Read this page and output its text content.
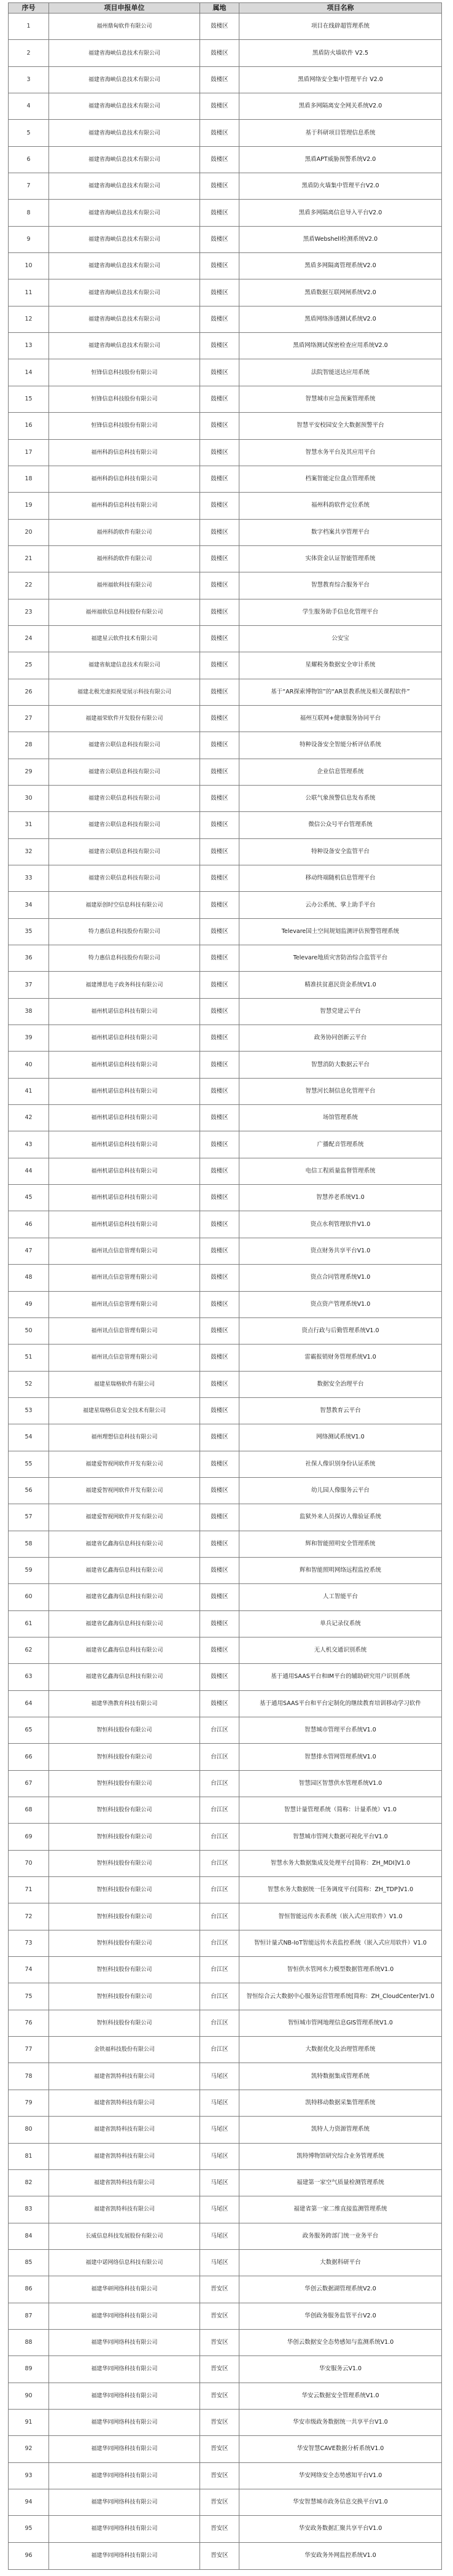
序号	项目申报单位	属地	项目名称
1	福州鼎甸软件有限公司	鼓楼区	项目在线辟超管理系统
2	福建省海峡信息技术有限公司	鼓楼区	黑盾防火墙软件 V2.5
3	福建省海峡信息技术有限公司	鼓楼区	黑盾网络安全集中管理平台 V2.0
4	福建省海峡信息技术有限公司	鼓楼区	黑盾多网隔离安全网关系统V2.0
5	福建省海峡信息技术有限公司	鼓楼区	基于科研项目管理信息系统
6	福建省海峡信息技术有限公司	鼓楼区	黑盾APT威胁预警系统V2.0
7	福建省海峡信息技术有限公司	鼓楼区	黑盾防火墙集中管理平台V2.0
8	福建省海峡信息技术有限公司	鼓楼区	黑盾多网隔离信息导入平台V2.0
9	福建省海峡信息技术有限公司	鼓楼区	黑盾Webshell检测系统V2.0
10	福建省海峡信息技术有限公司	鼓楼区	黑盾多网隔离管理系统V2.0
11	福建省海峡信息技术有限公司	鼓楼区	黑盾数据互联网闸系统V2.0
12	福建省海峡信息技术有限公司	鼓楼区	黑盾网络渗透测试系统V2.0
13	福建省海峡信息技术有限公司	鼓楼区	黑盾网络测试保密检查应用系统V2.0
14	恒锋信息科技股份有限公司	鼓楼区	法院智能送达应用系统
15	恒锋信息科技股份有限公司	鼓楼区	智慧城市应急预案管理系统
16	恒锋信息科技股份有限公司	鼓楼区	智慧平安校园安全大数据预警平台
17	福州科韵信息科技有限公司	鼓楼区	智慧水务平台及其应用平台
18	福州科韵信息科技有限公司	鼓楼区	档案智能定位盘点管理系统
19	福州科韵信息科技有限公司	鼓楼区	福州科韵软件定位系统
20	福州科韵软件有限公司	鼓楼区	数字档案共享管理平台
21	福州科韵软件有限公司	鼓楼区	实体资金认证智能管理系统
22	福州福软科技有限公司	鼓楼区	智慧教育综合服务平台
23	福州福软信息科技股份有限公司	鼓楼区	学生服务助手信息化管理平台
24	福建星云软件技术有限公司	鼓楼区	公安宝
25	福建省航建信息技术有限公司	鼓楼区	星耀税务数据安全审计系统
26	福建北极光虚拟视觉展示科技有限公司	鼓楼区	基于“AR探索博物馆”的“AR景教系统及相关课程软件”
27	福建福荣软件开发股份有限公司	鼓楼区	福州互联网+健康服务协同平台
28	福建省公联信息科技有限公司	鼓楼区	特种设备安全智能分析评估系统
29	福建省公联信息科技有限公司	鼓楼区	企业信息管理系统
30	福建省公联信息科技有限公司	鼓楼区	公联气象预警信息发布系统
31	福建省公联信息科技有限公司	鼓楼区	微信公众号平台管理系统
32	福建省公联信息科技有限公司	鼓楼区	特种设备安全监管平台
33	福建省公联信息科技有限公司	鼓楼区	移动终端随机信息管理平台
34	福建原创时空信息科技有限公司	鼓楼区	云办公系统、掌上助手平台
35	特力惠信息科技股份有限公司	鼓楼区	Televare国土空间规划监测评估预警管理系统
36	特力惠信息科技股份有限公司	鼓楼区	Televare地质灾害防治综合监管平台
37	福建博思电子政务科技有限公司	鼓楼区	精准扶贫惠民资金系统V1.0
38	福州机诺信息科技有限公司	鼓楼区	智慧党建云平台
39	福州机诺信息科技有限公司	鼓楼区	政务协同创新云平台
40	福州机诺信息科技有限公司	鼓楼区	智慧消防大数据云平台
41	福州机诺信息科技有限公司	鼓楼区	智慧河长制信息化管理平台
42	福州机诺信息科技有限公司	鼓楼区	场馆管理系统
43	福州机诺信息科技有限公司	鼓楼区	广播配音管理系统
44	福州机诺信息科技有限公司	鼓楼区	电信工程质量监督管理系统
45	福州机诺信息科技有限公司	鼓楼区	智慧养老系统V1.0
46	福州机诺信息科技有限公司	鼓楼区	资点水利管理软件V1.0
47	福州讯点信息管理有限公司	鼓楼区	资点财务共享平台V1.0
48	福州讯点信息管理有限公司	鼓楼区	资点合同管理系统V1.0
49	福州讯点信息管理有限公司	鼓楼区	资点资产管理系统V1.0
50	福州讯点信息管理有限公司	鼓楼区	资点行政与后勤管理系统V1.0
51	福州讯点信息管理有限公司	鼓楼区	雷霸报销财务管理系统V1.0
52	福建星瑞格软件有限公司	鼓楼区	数据安全治理平台
53	福建星瑞格信息安全技术有限公司	鼓楼区	智慧教育云平台
54	福州理想信息科技有限公司	鼓楼区	网络测试系统V1.0
55	福建爱智视网软件开发有限公司	鼓楼区	社保人像识别身份认证系统
56	福建爱智视网软件开发有限公司	鼓楼区	幼儿园人像服务云平台
57	福建爱智视网软件开发有限公司	鼓楼区	监狱外来人员探访人像验证系统
58	福建省亿鑫海信息科技有限公司	鼓楼区	辉和智能照明安全管理系统
59	福建省亿鑫海信息科技有限公司	鼓楼区	辉和智能照明网络远程监控系统
60	福建省亿鑫海信息科技有限公司	鼓楼区	人工智能平台
61	福建省亿鑫海信息科技有限公司	鼓楼区	单兵记录仪系统
62	福建省亿鑫海信息科技有限公司	鼓楼区	无人机交通识别系统
63	福建省亿鑫海信息科技有限公司	鼓楼区	基于通用SAAS平台和IM平台的辅助研究用户识别系统
64	福建华渔教育科技有限公司	鼓楼区	基于通用SAAS平台和平台定制化的继续教育培训移动学习软件
65	智恒科技股份有限公司	台江区	智慧城市管理平台系统V1.0
66	智恒科技股份有限公司	台江区	智慧排水管网管理系统V1.0
67	智恒科技股份有限公司	台江区	智慧园区智慧供水管理系统V1.0
68	智恒科技股份有限公司	台江区	智慧计量管理系统（简称：计量系统）V1.0
69	智恒科技股份有限公司	台江区	智慧城市管网大数据可视化平台V1.0
70	智恒科技股份有限公司	台江区	智慧水务大数据集成及处理平台[简称：ZH_MDI]V1.0
71	智恒科技股份有限公司	台江区	智慧水务大数据统一任务调度平台[简称：ZH_TDP]V1.0
72	智恒科技股份有限公司	台江区	智恒智能远传水表系统（嵌入式应用软件）V1.0
73	智恒科技股份有限公司	台江区	智恒计量式NB-IoT智能远传水表监控系统（嵌入式应用软件）V1.0
74	智恒科技股份有限公司	台江区	智恒供水管网水力模型数据管理系统V1.0
75	智恒科技股份有限公司	台江区	智恒综合云大数据中心服务运营管理系统[简称：ZH_CloudCenter]V1.0
76	智恒科技股份有限公司	台江区	智恒城市管网地理信息GIS管理系统V1.0
77	金铁福科技股份有限公司	台江区	大数据优化及治理管理系统
78	福建省凯特科技有限公司	马尾区	凯特数据集成管理系统
79	福建省凯特科技有限公司	马尾区	凯特移动数据采集管理系统
80	福建省凯特科技有限公司	马尾区	凯特人力资源管理系统
81	福建省凯特科技有限公司	马尾区	凯特博物馆研究综合业务管理系统
82	福建省凯特科技有限公司	马尾区	福建第一家空气质量检测管理系统
83	福建省凯特科技有限公司	马尾区	福建省第一家二维直接监测管理系统
84	长威信息科技发展股份有限公司	马尾区	政务服务跨部门统一业务平台
85	福建中诺网络信息科技有限公司	马尾区	大数据科研平台
86	福建华研网络科技有限公司	晋安区	华创云数据湖管理系统V2.0
87	福建华同网络科技有限公司	晋安区	华创政务服务监管平台V2.0
88	福建华同网络科技有限公司	晋安区	华创云数据安全态势感知与监测系统V1.0
89	福建华同网络科技有限公司	晋安区	华安服务云V1.0
90	福建华同网络科技有限公司	晋安区	华安云数据安全管理系统V1.0
91	福建华同网络科技有限公司	晋安区	华安市级政务数据统一共享平台V1.0
92	福建华同网络科技有限公司	晋安区	华安智慧CAVE数据分析系统V1.0
93	福建华同网络科技有限公司	晋安区	华安网络安全态势感知平台V1.0
94	福建华同网络科技有限公司	晋安区	华安智慧城市政务信息交换平台V1.0
95	福建华同网络科技有限公司	晋安区	华安政务数据汇聚共享平台V1.0
96	福建华同网络科技有限公司	晋安区	华安政务外网监控系统V1.0
